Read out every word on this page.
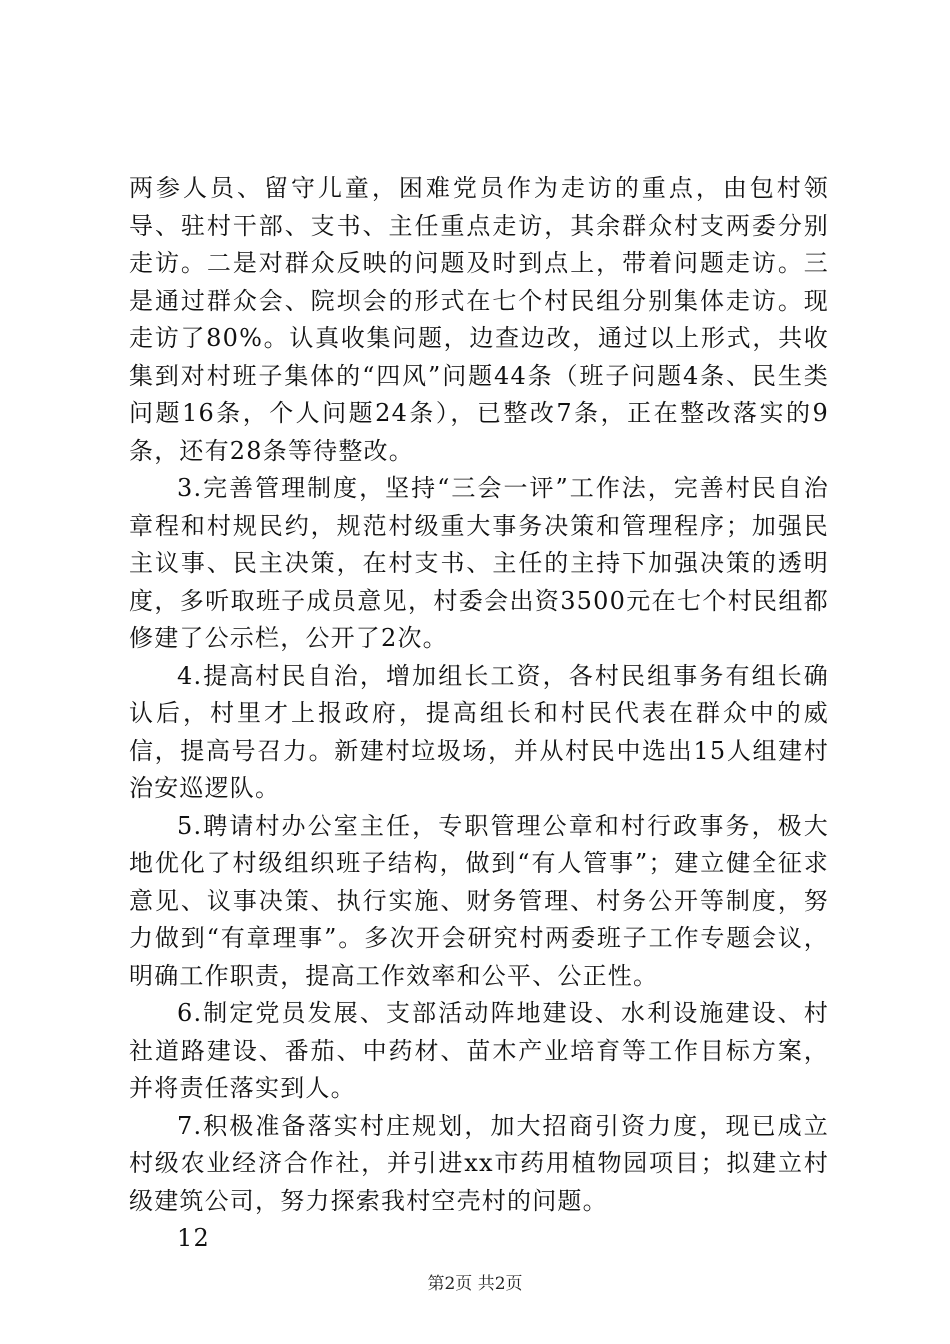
两参人员、留守儿童，困难党员作为走访的重点，由包村领导、驻村干部、支书、主任重点走访，其余群众村支两委分别走访。二是对群众反映的问题及时到点上，带着问题走访。三是通过群众会、院坝会的形式在七个村民组分别集体走访。现走访了80%。认真收集问题，边查边改，通过以上形式，共收集到对村班子集体的“四风”问题44条（班子问题4条、民生类问题16条，个人问题24条），已整改7条，正在整改落实的9条，还有28条等待整改。

3.完善管理制度，坚持“三会一评”工作法，完善村民自治章程和村规民约，规范村级重大事务决策和管理程序；加强民主议事、民主决策，在村支书、主任的主持下加强决策的透明度，多听取班子成员意见，村委会出资3500元在七个村民组都修建了公示栏，公开了2次。

4.提高村民自治，增加组长工资，各村民组事务有组长确认后，村里才上报政府，提高组长和村民代表在群众中的威信，提高号召力。新建村垃圾场，并从村民中选出15人组建村治安巡逻队。

5.聘请村办公室主任，专职管理公章和村行政事务，极大地优化了村级组织班子结构，做到“有人管事”；建立健全征求意见、议事决策、执行实施、财务管理、村务公开等制度，努力做到“有章理事”。多次开会研究村两委班子工作专题会议，明确工作职责，提高工作效率和公平、公正性。

6.制定党员发展、支部活动阵地建设、水利设施建设、村社道路建设、番茄、中药材、苗木产业培育等工作目标方案，并将责任落实到人。

7.积极准备落实村庄规划，加大招商引资力度，现已成立村级农业经济合作社，并引进xx市药用植物园项目；拟建立村级建筑公司，努力探索我村空壳村的问题。

12

第2页 共2页
